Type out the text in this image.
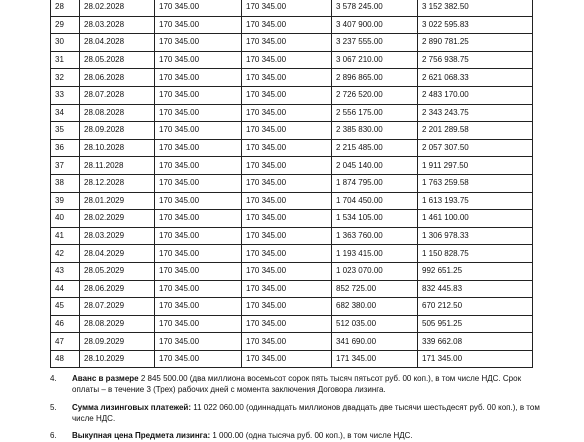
28	28.02.2028	170 345.00	170 345.00	3 578 245.00	3 152 382.50
29	28.03.2028	170 345.00	170 345.00	3 407 900.00	3 022 595.83
30	28.04.2028	170 345.00	170 345.00	3 237 555.00	2 890 781.25
31	28.05.2028	170 345.00	170 345.00	3 067 210.00	2 756 938.75
32	28.06.2028	170 345.00	170 345.00	2 896 865.00	2 621 068.33
33	28.07.2028	170 345.00	170 345.00	2 726 520.00	2 483 170.00
34	28.08.2028	170 345.00	170 345.00	2 556 175.00	2 343 243.75
35	28.09.2028	170 345.00	170 345.00	2 385 830.00	2 201 289.58
36	28.10.2028	170 345.00	170 345.00	2 215 485.00	2 057 307.50
37	28.11.2028	170 345.00	170 345.00	2 045 140.00	1 911 297.50
38	28.12.2028	170 345.00	170 345.00	1 874 795.00	1 763 259.58
39	28.01.2029	170 345.00	170 345.00	1 704 450.00	1 613 193.75
40	28.02.2029	170 345.00	170 345.00	1 534 105.00	1 461 100.00
41	28.03.2029	170 345.00	170 345.00	1 363 760.00	1 306 978.33
42	28.04.2029	170 345.00	170 345.00	1 193 415.00	1 150 828.75
43	28.05.2029	170 345.00	170 345.00	1 023 070.00	992 651.25
44	28.06.2029	170 345.00	170 345.00	852 725.00	832 445.83
45	28.07.2029	170 345.00	170 345.00	682 380.00	670 212.50
46	28.08.2029	170 345.00	170 345.00	512 035.00	505 951.25
47	28.09.2029	170 345.00	170 345.00	341 690.00	339 662.08
48	28.10.2029	170 345.00	170 345.00	171 345.00	171 345.00
4. Аванс в размере 2 845 500.00 (два миллиона восемьсот сорок пять тысяч пятьсот руб. 00 коп.), в том числе НДС. Срок оплаты – в течение 3 (Трех) рабочих дней с момента заключения Договора лизинга.
5. Сумма лизинговых платежей: 11 022 060.00 (одиннадцать миллионов двадцать две тысячи шестьдесят руб. 00 коп.), в том числе НДС.
6. Выкупная цена Предмета лизинга: 1 000.00 (одна тысяча руб. 00 коп.), в том числе НДС.
